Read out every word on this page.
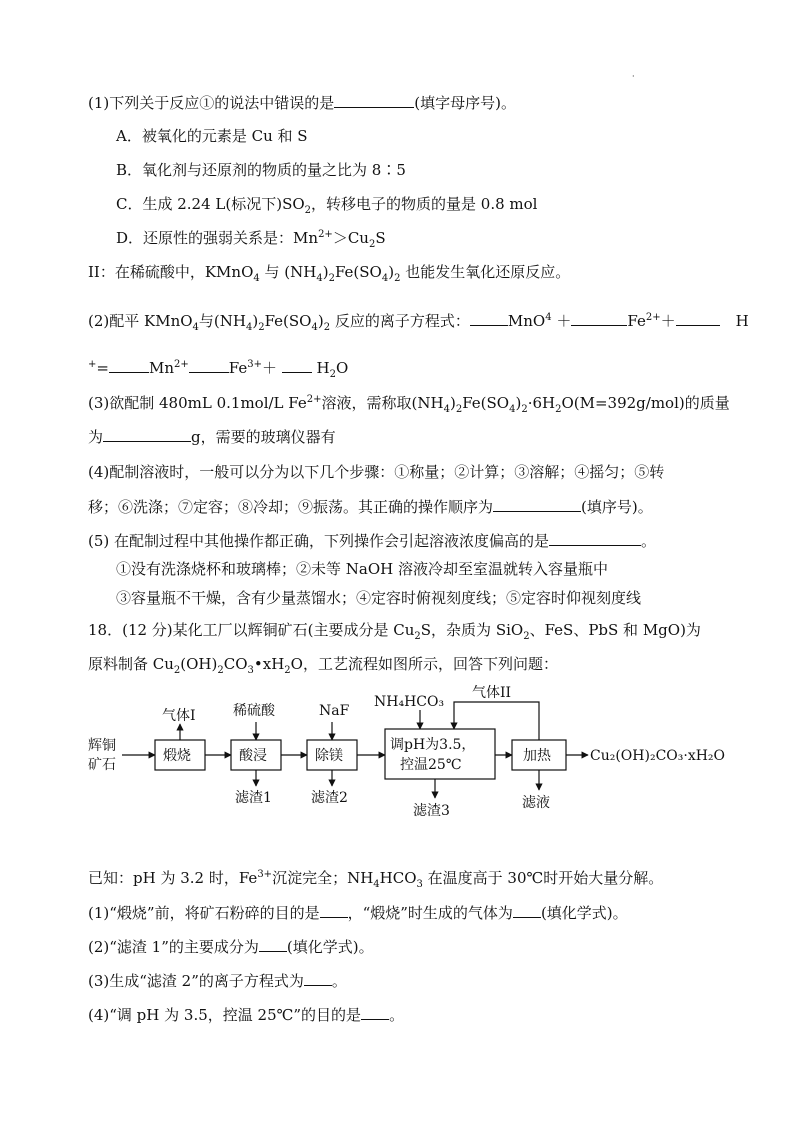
·
(1)下列关于反应①的说法中错误的是	(填字母序号)。
A．被氧化的元素是 Cu 和 S
B．氧化剂与还原剂的物质的量之比为 8∶5
C．生成 2.24 L(标况下)$SO_2$，转移电子的物质的量是 0.8 mol
D．还原性的强弱关系是：$Mn^{2+}>Cu_2S$
II：在稀硫酸中，KMnO$_4$ 与 $(NH_4)_2Fe(SO_4)_2$ 也能发生氧化还原反应。
(2)配平 KMnO$_4$与$(NH_4)_2Fe(SO_4)_2$ 反应的离子方程式：	MnO$^4$ ＋	$Fe^{2+}+$	H
+=	$Mn^{2+}$	$Fe^{3+}+$	$H_2O$
(3)欲配制 480mL 0.1mol/L $Fe^{2+}$溶液，需称取$(NH_4)_2Fe(SO_4)_2\cdot 6H_2O(M=392g/mol)$的质量
为	g，需要的玻璃仪器有
(4)配制溶液时，一般可以分为以下几个步骤：①称量；②计算；③溶解；④摇匀；⑤转
移；⑥洗涤；⑦定容；⑧冷却；⑨振荡。其正确的操作顺序为	(填序号)。
(5) 在配制过程中其他操作都正确，下列操作会引起溶液浓度偏高的是	。
①没有洗涤烧杯和玻璃棒；②未等 NaOH 溶液冷却至室温就转入容量瓶中
③容量瓶不干燥，含有少量蒸馏水；④定容时俯视刻度线；⑤定容时仰视刻度线
18．(12 分)某化工厂以辉铜矿石(主要成分是 $Cu_2S$，杂质为 SiO$_2$、FeS、PbS 和 MgO)为
原料制备 $Cu_2(OH)_2CO_3•xH_2O$，工艺流程如图所示，回答下列问题：
辉铜
矿石
煅烧
气体I	稀硫酸
酸浸
滤渣1
NaF
除镁
滤渣2
NH₄HCO₃
调pH为3.5，
控温25℃
滤渣3
气体II
加热
滤液
Cu₂(OH)₂CO₃·xH₂O
已知：pH 为 3.2 时，$Fe^{3+}$沉淀完全；$NH_4HCO_3$ 在温度高于 30℃时开始大量分解。
(1)“煅烧”前，将矿石粉碎的目的是 ，“煅烧”时生成的气体为 (填化学式)。
(2)“滤渣 1”的主要成分为 (填化学式)。
(3)生成“滤渣 2”的离子方程式为 。
(4)“调 pH 为 3.5，控温 25℃”的目的是 。
